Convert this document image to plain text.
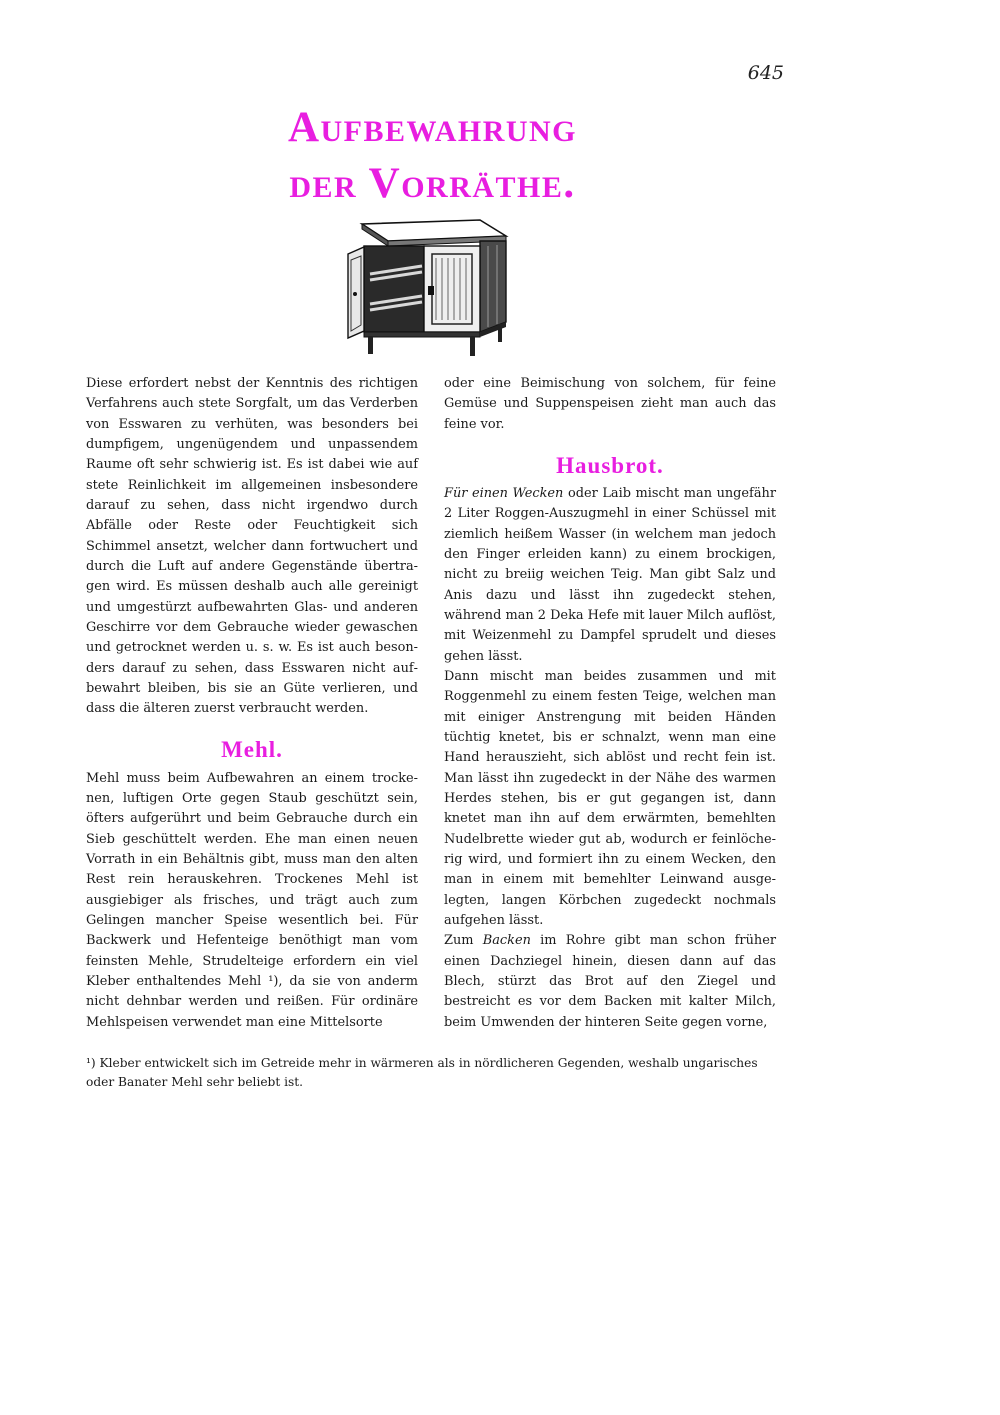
645
Aufbewahrung
der Vorräthe.

Diese erfordert nebst der Kenntnis des richtigen Verfahrens auch stete Sorgfalt, um das Verderben von Esswaren zu verhüten, was besonders bei dumpfigem, ungenügendem und unpassendem Raume oft sehr schwierig ist. Es ist dabei wie auf stete Reinlichkeit im allgemeinen insbesondere darauf zu sehen, dass nicht irgendwo durch Abfälle oder Reste oder Feuchtigkeit sich Schimmel ansetzt, welcher dann fortwuchert und durch die Luft auf andere Gegenstände übertragen wird. Es müssen deshalb auch alle gereinigt und umgestürzt aufbewahrten Glas- und anderen Geschirre vor dem Gebrauche wieder gewaschen und getrocknet werden u. s. w. Es ist auch besonders darauf zu sehen, dass Esswaren nicht aufbewahrt bleiben, bis sie an Güte verlieren, und dass die älteren zuerst verbraucht werden.

Mehl.

Mehl muss beim Aufbewahren an einem trockenen, luftigen Orte gegen Staub geschützt sein, öfters aufgerührt und beim Gebrauche durch ein Sieb geschüttelt werden. Ehe man einen neuen Vorrath in ein Behältnis gibt, muss man den alten Rest rein herauskehren. Trockenes Mehl ist ausgiebiger als frisches, und trägt auch zum Gelingen mancher Speise wesentlich bei. Für Backwerk und Hefenteige benöthigt man vom feinsten Mehle, Strudelteige erfordern ein viel Kleber enthaltendes Mehl ¹), da sie von anderm nicht dehnbar werden und reißen. Für ordinäre Mehlspeisen verwendet man eine Mittelsorte

oder eine Beimischung von solchem, für feine Gemüse und Suppenspeisen zieht man auch das feine vor.

Hausbrot.

Für einen Wecken oder Laib mischt man ungefähr 2 Liter Roggen-Auszugmehl in einer Schüssel mit ziemlich heißem Wasser (in welchem man jedoch den Finger erleiden kann) zu einem brockigen, nicht zu breiig weichen Teig. Man gibt Salz und Anis dazu und lässt ihn zugedeckt stehen, während man 2 Deka Hefe mit lauer Milch auflöst, mit Weizenmehl zu Dampfel sprudelt und dieses gehen lässt.

Dann mischt man beides zusammen und mit Roggenmehl zu einem festen Teige, welchen man mit einiger Anstrengung mit beiden Händen tüchtig knetet, bis er schnalzt, wenn man eine Hand herauszieht, sich ablöst und recht fein ist. Man lässt ihn zugedeckt in der Nähe des warmen Herdes stehen, bis er gut gegangen ist, dann knetet man ihn auf dem erwärmten, bemehlten Nudelbrette wieder gut ab, wodurch er feinlöcherig wird, und formiert ihn zu einem Wecken, den man in einem mit bemehlter Leinwand ausgelegten, langen Körbchen zugedeckt nochmals aufgehen lässt.

Zum Backen im Rohre gibt man schon früher einen Dachziegel hinein, diesen dann auf das Blech, stürzt das Brot auf den Ziegel und bestreicht es vor dem Backen mit kalter Milch, beim Umwenden der hinteren Seite gegen vorne,

¹) Kleber entwickelt sich im Getreide mehr in wärmeren als in nördlicheren Gegenden, weshalb ungarisches oder Banater Mehl sehr beliebt ist.
